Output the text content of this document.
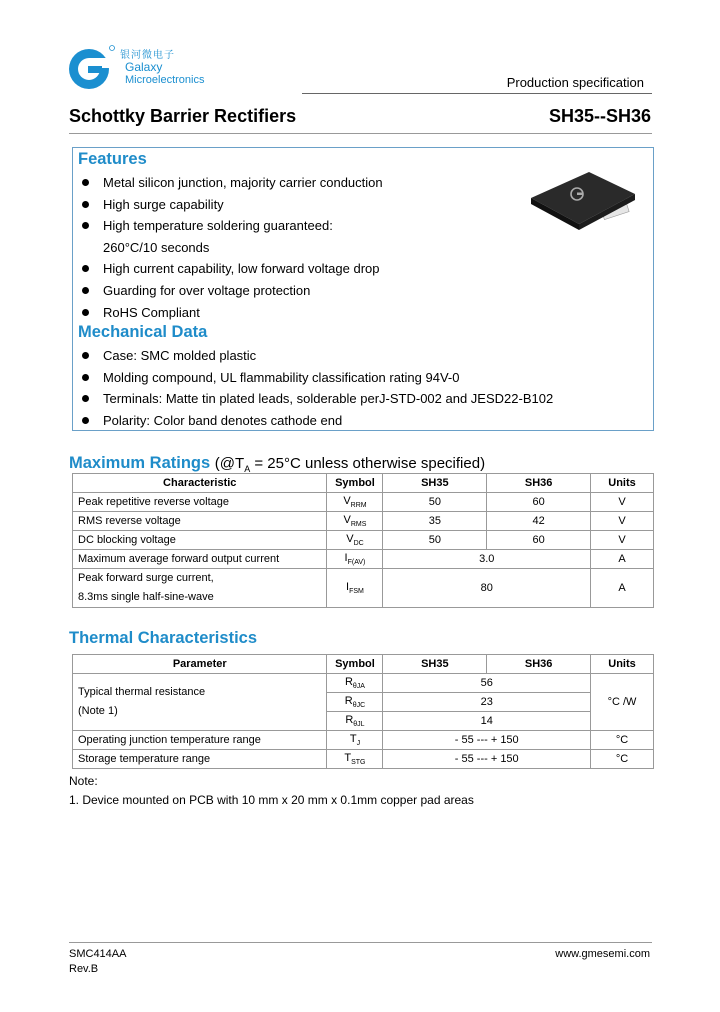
银河微电子
Galaxy
Microelectronics	Production specification
Schottky Barrier Rectifiers	SH35--SH36
Features
Metal silicon junction, majority carrier conduction
High surge capability
High temperature soldering guaranteed:
260°C/10 seconds
High current capability, low forward voltage drop
Guarding for over voltage protection
RoHS Compliant
Mechanical Data
Case: SMC molded plastic
Molding compound, UL flammability classification rating 94V-0
Terminals: Matte tin plated leads, solderable perJ-STD-002 and JESD22-B102
Polarity: Color band denotes cathode end
Maximum Ratings ($@T_A = 25^\circ C$ unless otherwise specified)
Characteristic	Symbol	SH35	SH36	Units
Peak repetitive reverse voltage	$V_{RRM}$	50	60	V
RMS reverse voltage	$V_{RMS}$	35	42	V
DC blocking voltage	$V_{DC}$	50	60	V
Maximum average forward output current	$I_{F(AV)}$	3.0		A
Peak forward surge current,
8.3ms single half-sine-wave	$I_{FSM}$	80		A
Thermal Characteristics
Parameter	Symbol	SH35	SH36	Units
Typical thermal resistance
(Note 1)	$R_{\theta JA}$	56		°C /W
	$R_{\theta JC}$	23		
	$R_{\theta JL}$	14		
Operating junction temperature range	$T_J$	- 55 --- + 150		°C
Storage temperature range	$T_{STG}$	- 55 --- + 150		°C
Note:
1. Device mounted on PCB with 10 mm x 20 mm x 0.1mm copper pad areas
SMC414AA
Rev.B
www.gmesemi.com
